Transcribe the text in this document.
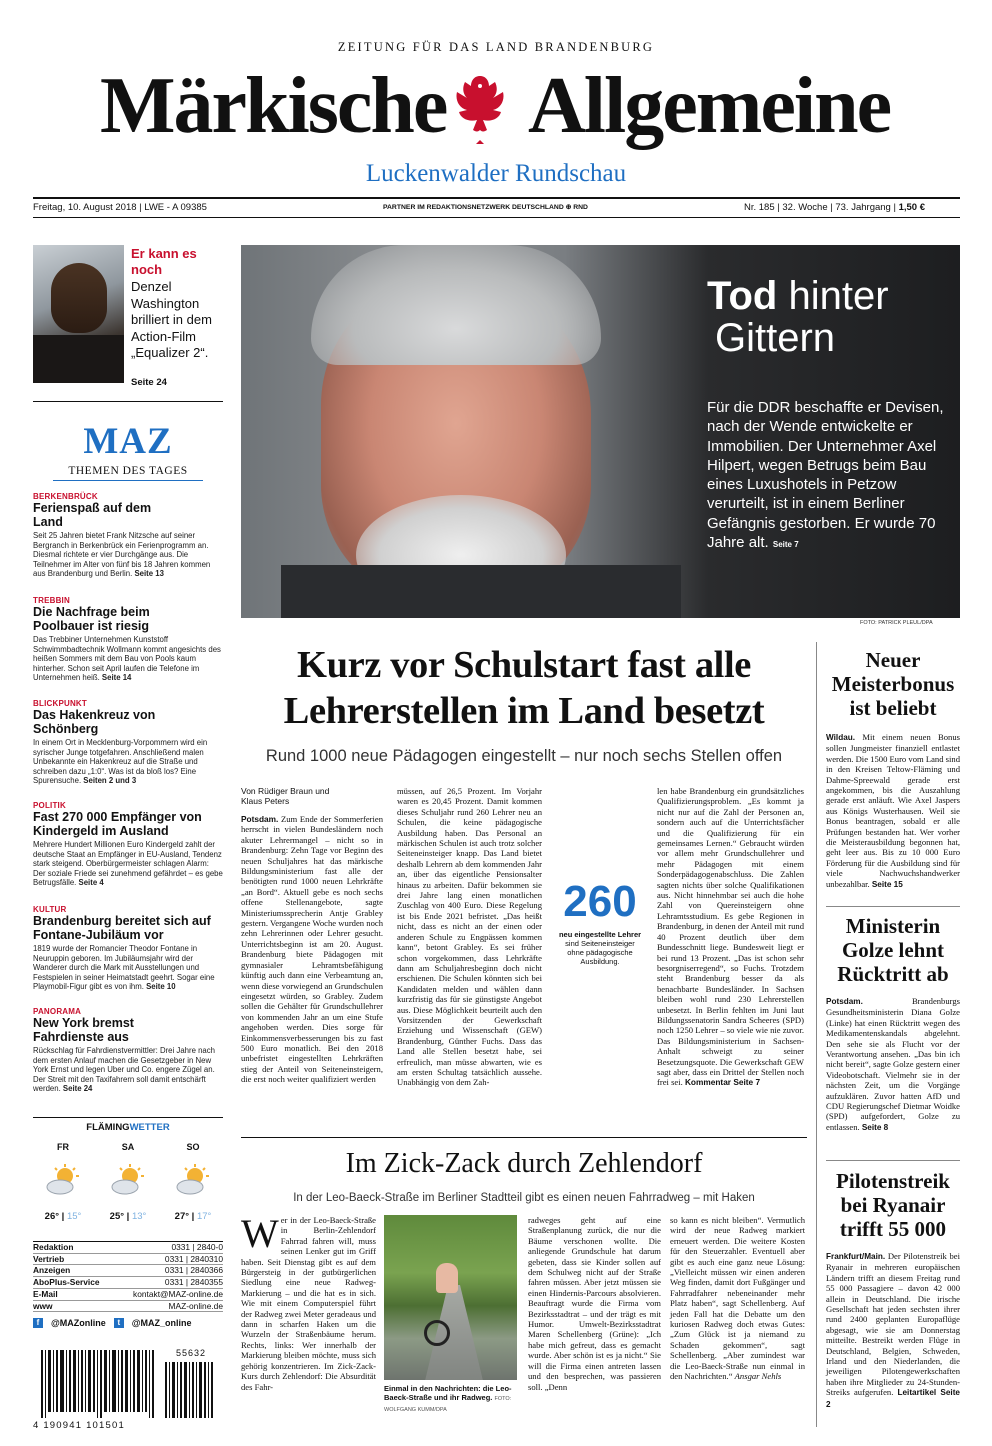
ZEITUNG FÜR DAS LAND BRANDENBURG
Märkische Allgemeine
Luckenwalder Rundschau
Freitag, 10. August 2018 | LWE - A 09385	PARTNER IM REDAKTIONSNETZWERK DEUTSCHLAND ⊕ RND	Nr. 185 | 32. Woche | 73. Jahrgang | 1,50 €
Er kann es noch
Denzel Washington brilliert in dem Action-Film „Equalizer 2“.
Seite 24
MAZ
THEMEN DES TAGES
BERKENBRÜCK
Ferienspaß auf dem Land
Seit 25 Jahren bietet Frank Nitzsche auf seiner Bergranch in Berkenbrück ein Ferienprogramm an. Diesmal richtete er vier Durchgänge aus. Die Teilnehmer im Alter von fünf bis 18 Jahren kommen aus Brandenburg und Berlin. Seite 13
TREBBIN
Die Nachfrage beim Poolbauer ist riesig
Das Trebbiner Unternehmen Kunststoff Schwimmbadtechnik Wollmann kommt angesichts des heißen Sommers mit dem Bau von Pools kaum hinterher. Schon seit April laufen die Telefone im Unternehmen heiß. Seite 14
BLICKPUNKT
Das Hakenkreuz von Schönberg
In einem Ort in Mecklenburg-Vorpommern wird ein syrischer Junge totgefahren. Anschließend malen Unbekannte ein Hakenkreuz auf die Straße und schreiben dazu „1:0“. Was ist da bloß los? Eine Spurensuche. Seiten 2 und 3
POLITIK
Fast 270 000 Empfänger von Kindergeld im Ausland
Mehrere Hundert Millionen Euro Kindergeld zahlt der deutsche Staat an Empfänger in EU-Ausland, Tendenz stark steigend. Oberbürgermeister schlagen Alarm: Der soziale Friede sei zunehmend gefährdet – es gebe Betrugsfälle. Seite 4
KULTUR
Brandenburg bereitet sich auf Fontane-Jubiläum vor
1819 wurde der Romancier Theodor Fontane in Neuruppin geboren. Im Jubiläumsjahr wird der Wanderer durch die Mark mit Ausstellungen und Festspielen in seiner Heimatstadt geehrt. Sogar eine Playmobil-Figur gibt es von ihm. Seite 10
PANORAMA
New York bremst Fahrdienste aus
Rückschlag für Fahrdienstvermittler: Drei Jahre nach dem ersten Anlauf machen die Gesetzgeber in New York Ernst und legen Uber und Co. engere Zügel an. Der Streit mit den Taxifahrern soll damit entschärft werden. Seite 24
FLÄMINGWETTER
FR	SA	SO
26° | 15°	25° | 13°	27° | 17°
Redaktion	0331 | 2840-0
Vertrieb	0331 | 2840310
Anzeigen	0331 | 2840366
AboPlus-Service	0331 | 2840355
E-Mail	kontakt@MAZ-online.de
www	MAZ-online.de
f	@MAZonline	t	@MAZ_online
55632
4 190941 101501
Tod hinter
Gittern
Für die DDR beschaffte er Devisen, nach der Wende entwickelte er Immobilien. Der Unternehmer Axel Hilpert, wegen Betrugs beim Bau eines Luxushotels in Petzow verurteilt, ist in einem Berliner Gefängnis gestorben. Er wurde 70 Jahre alt. Seite 7
FOTO: PATRICK PLEUL/DPA
Kurz vor Schulstart fast alle
Lehrerstellen im Land besetzt
Rund 1000 neue Pädagogen eingestellt – nur noch sechs Stellen offen
Von Rüdiger Braun und Klaus Peters

Potsdam. Zum Ende der Sommerferien herrscht in vielen Bundesländern noch akuter Lehrermangel – nicht so in Brandenburg: Zehn Tage vor Beginn des neuen Schuljahres hat das märkische Bildungsministerium fast alle der benötigten rund 1000 neuen Lehrkräfte „an Bord“. Aktuell gebe es noch sechs offene Stellenangebote, sagte Ministeriumssprecherin Antje Grabley gestern. Vergangene Woche wurden noch zehn Lehrerinnen oder Lehrer gesucht. Unterrichtsbeginn ist am 20. August. Brandenburg biete Pädagogen mit gymnasialer Lehramtsbefähigung künftig auch dann eine Verbeamtung an, wenn diese vorwiegend an Grundschulen eingesetzt würden, so Grabley. Zudem sollen die Gehälter für Grundschullehrer von kommenden Jahr an um eine Stufe angehoben werden. Dies sorge für Einkommensverbesserungen bis zu fast 500 Euro monatlich. Bei den 2018 unbefristet eingestellten Lehrkräften stieg der Anteil von Seiteneinsteigern, die erst noch weiter qualifiziert werden

müssen, auf 26,5 Prozent. Im Vorjahr waren es 20,45 Prozent. Damit kommen dieses Schuljahr rund 260 Lehrer neu an Schulen, die keine pädagogische Ausbildung haben. Das Personal an märkischen Schulen ist auch trotz solcher Seiteneinsteiger knapp. Das Land bietet deshalb Lehrern ab dem kommenden Jahr an, über das eigentliche Pensionsalter hinaus zu arbeiten. Dafür bekommen sie drei Jahre lang einen monatlichen Zuschlag von 400 Euro. Diese Regelung ist bis Ende 2021 befristet. „Das heißt nicht, dass es nicht an der einen oder anderen Schule zu Engpässen kommen kann“, betont Grabley. Es sei früher schon vorgekommen, dass Lehrkräfte dann am Schuljahresbeginn doch nicht erschienen. Die Schulen könnten sich bei Kandidaten melden und wählen dann kurzfristig das für sie günstigste Angebot aus. Diese Möglichkeit beurteilt auch den Vorsitzenden der Gewerkschaft Erziehung und Wissenschaft (GEW) Brandenburg, Günther Fuchs. Dass das Land alle Stellen besetzt habe, sei erfreulich, man müsse abwarten, wie es am ersten Schultag tatsächlich aussehe. Unabhängig von dem Zah-

260
neu eingestellte Lehrer
sind Seiteneinsteiger ohne pädagogische Ausbildung.

len habe Brandenburg ein grundsätzliches Qualifizierungsproblem. „Es kommt ja nicht nur auf die Zahl der Personen an, sondern auch auf die Unterrichtsfächer und die Qualifizierung für ein gemeinsames Lernen.“ Gebraucht würden vor allem mehr Grundschullehrer und mehr Pädagogen mit einem Sonderpädagogenabschluss. Die Zahlen sagten nichts über solche Qualifikationen aus. Nicht hinnehmbar sei auch die hohe Zahl von Quereinsteigern ohne Lehramtsstudium. Es gebe Regionen in Brandenburg, in denen der Anteil mit rund 40 Prozent deutlich über dem Bundesschnitt liege. Bundesweit liegt er bei rund 13 Prozent. „Das ist schon sehr besorgniserregend“, so Fuchs. Trotzdem steht Brandenburg besser da als benachbarte Bundesländer. In Sachsen bleiben wohl rund 230 Lehrerstellen unbesetzt. In Berlin fehlten im Juni laut Bildungssenatorin Sandra Scheeres (SPD) noch 1250 Lehrer – so viele wie nie zuvor. Das Bildungsministerium in Sachsen-Anhalt schweigt zu seiner Besetzungsquote. Die Gewerkschaft GEW sagt aber, dass ein Drittel der Stellen noch frei sei. Kommentar Seite 7

Im Zick-Zack durch Zehlendorf
In der Leo-Baeck-Straße im Berliner Stadtteil gibt es einen neuen Fahrradweg – mit Haken

Wer in der Leo-Baeck-Straße in Berlin-Zehlendorf Fahrrad fahren will, muss seinen Lenker gut im Griff haben. Seit Dienstag gibt es auf dem Bürgersteig in der gutbürgerlichen Siedlung eine neue Radweg-Markierung – und die hat es in sich. Wie mit einem Computerspiel führt der Radweg zwei Meter geradeaus und dann in scharfen Haken um die Wurzeln der Straßenbäume herum. Rechts, links: Wer innerhalb der Markierung bleiben möchte, muss sich gehörig konzentrieren. Im Zick-Zack-Kurs durch Zehlendorf: Die Absurdität des Fahr-	Einmal in den Nachrichten: die Leo-Baeck-Straße und ihr Radweg. FOTO: WOLFGANG KUMM/DPA

radweges geht auf eine Straßenplanung zurück, die nur die Bäume verschonen wollte. Die anliegende Grundschule hat darum gebeten, dass sie Kinder sollen auf dem Schulweg nicht auf der Straße fahren müssen. Aber jetzt müssen sie einen Hindernis-Parcours absolvieren. Beauftragt wurde die Firma vom Bezirksstadtrat – und der trägt es mit Humor. Umwelt-Bezirksstadtrat Maren Schellenberg (Grüne): „Ich habe mich gefreut, dass es gemacht wurde. Aber schön ist es ja nicht.“ Sie will die Firma einen antreten lassen und den besprechen, was passieren soll. „Denn

so kann es nicht bleiben“. Vermutlich wird der neue Radweg markiert erneuert werden. Die weitere Kosten für den Steuerzahler. Eventuell aber gibt es auch eine ganz neue Lösung: „Vielleicht müssen wir einen anderen Weg finden, damit dort Fußgänger und Fahrradfahrer nebeneinander mehr Platz haben“, sagt Schellenberg. Auf jeden Fall hat die Debatte um den kuriosen Radweg doch etwas Gutes: „Zum Glück ist ja niemand zu Schaden gekommen“, sagt Schellenberg. „Aber zumindest war die Leo-Baeck-Straße nun einmal in den Nachrichten.“ Ansgar Nehls

Neuer Meisterbonus ist beliebt

Wildau. Mit einem neuen Bonus sollen Jungmeister finanziell entlastet werden. Die 1500 Euro vom Land sind in den Kreisen Teltow-Fläming und Dahme-Spreewald gerade erst angekommen, bis die Auszahlung gerade erst anläuft. Wie Axel Jaspers aus Königs Wusterhausen. Weil sie Bonus beantragen, sobald er alle Prüfungen bestanden hat. Wer vorher die Meisterausbildung begonnen hat, geht leer aus. Bis zu 10 000 Euro Förderung für die Ausbildung sind für viele Nachwuchshandwerker unbezahlbar. Seite 15

Ministerin Golze lehnt Rücktritt ab

Potsdam.	Brandenburgs Gesundheitsministerin Diana Golze (Linke) hat einen Rücktritt wegen des Medikamentenskandals abgelehnt. Den sehe sie als Flucht vor der Verantwortung ansehen. „Das bin ich nicht bereit“, sagte Golze gestern einer Videobotschaft. Vielmehr sie in der nächsten Zeit, um die Vorgänge aufzuklären. Zuvor hatten AfD und CDU Regierungschef Dietmar Woidke (SPD) aufgefordert, Golze zu entlassen. Seite 8

Pilotenstreik bei Ryanair trifft 55 000

Frankfurt/Main. Der Pilotenstreik bei Ryanair in mehreren europäischen Ländern trifft an diesem Freitag rund 55 000 Passagiere – davon 42 000 allein in Deutschland. Die irische Gesellschaft hat jeden sechsten ihrer rund 2400 geplanten Europaflüge abgesagt, wie sie am Donnerstag mitteilte. Bestreikt werden Flüge in Deutschland, Belgien, Schweden, Irland und den Niederlanden, die jeweiligen Pilotengewerkschaften haben ihre Mitglieder zu 24-Stunden-Streiks aufgerufen. Leitartikel Seite 2
